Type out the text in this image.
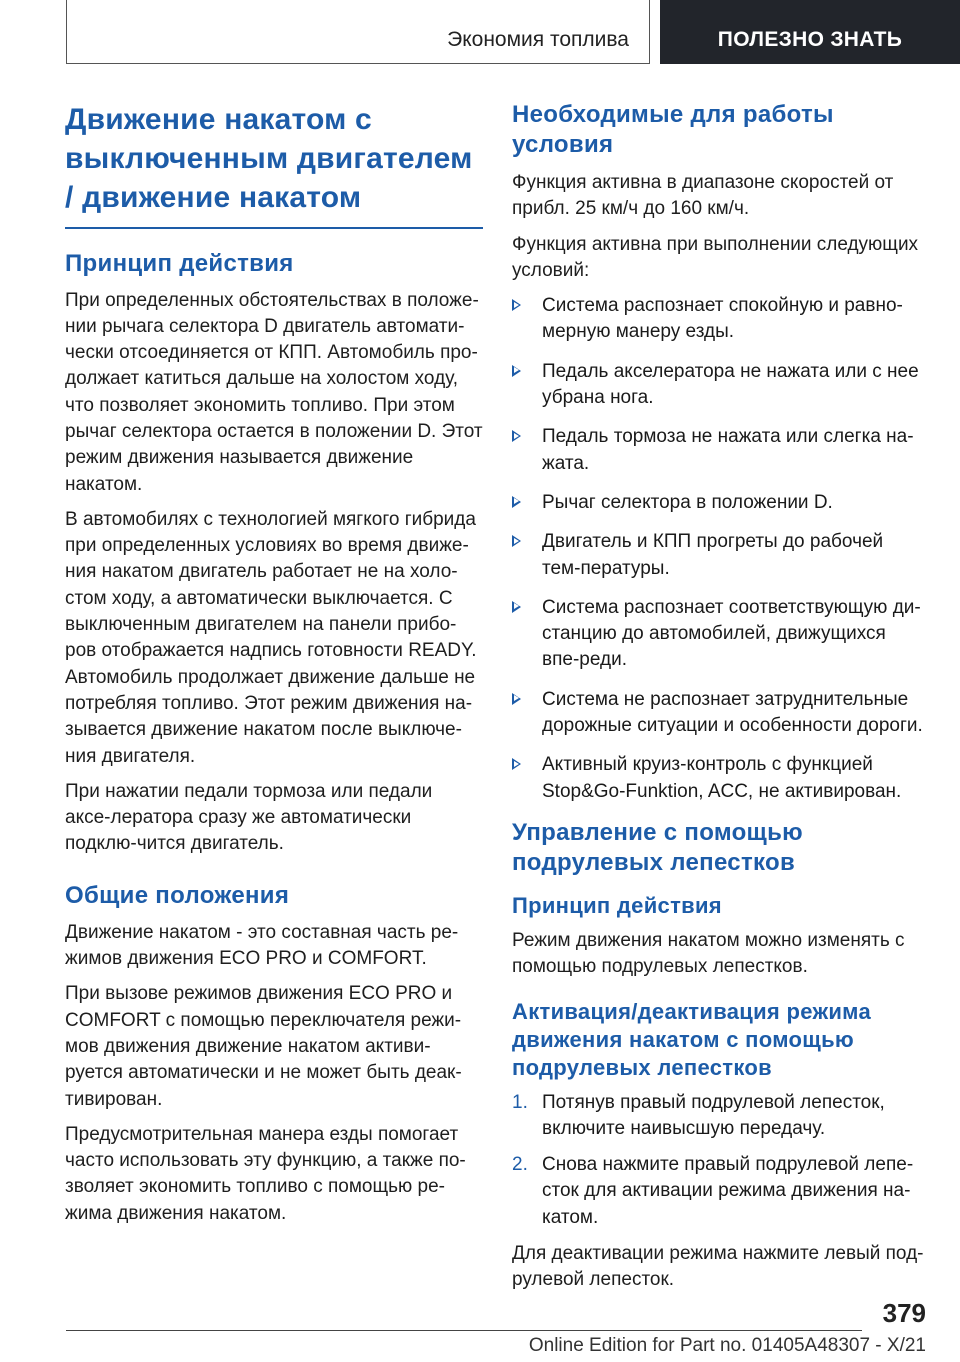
Экономия топлива	ПОЛЕЗНО ЗНАТЬ
Движение накатом с выключенным двигателем / движение накатом
Принцип действия

При определенных обстоятельствах в положе‐нии рычага селектора D двигатель автомати‐чески отсоединяется от КПП. Автомобиль про‐должает катиться дальше на холостом ходу, что позволяет экономить топливо. При этом рычаг селектора остается в положении D. Этот режим движения называется движение накатом.

В автомобилях с технологией мягкого гибрида при определенных условиях во время движе‐ния накатом двигатель работает не на холо‐стом ходу, а автоматически выключается. С выключенным двигателем на панели прибо‐ров отображается надпись готовности READY. Автомобиль продолжает движение дальше не потребляя топливо. Этот режим движения на‐зывается движение накатом после выключе‐ния двигателя.

При нажатии педали тормоза или педали аксе‐лератора сразу же автоматически подклю‐чится двигатель.

Общие положения

Движение накатом - это составная часть ре‐жимов движения ECO PRO и COMFORT.

При вызове режимов движения ECO PRO и COMFORT с помощью переключателя режи‐мов движения движение накатом активи‐руется автоматически и не может быть деак‐тивирован.

Предусмотрительная манера езды помогает часто использовать эту функцию, а также по‐зволяет экономить топливо с помощью ре‐жима движения накатом.

Необходимые для работы условия

Функция активна в диапазоне скоростей от прибл. 25 км/ч до 160 км/ч.

Функция активна при выполнении следующих условий:

Система распознает спокойную и равно‐мерную манеру езды.
Педаль акселератора не нажата или с нее убрана нога.
Педаль тормоза не нажата или слегка на‐жата.
Рычаг селектора в положении D.
Двигатель и КПП прогреты до рабочей тем‐пературы.
Система распознает соответствующую ди‐станцию до автомобилей, движущихся впе‐реди.
Система не распознает затруднительные дорожные ситуации и особенности дороги.
Активный круиз-контроль с функцией Stop&Go-Funktion, ACC, не активирован.
Управление с помощью подрулевых лепестков
Принцип действия

Режим движения накатом можно изменять с помощью подрулевых лепестков.

Активация/деактивация режима движения накатом с помощью подрулевых лепестков
1. Потянув правый подрулевой лепесток, включите наивысшую передачу.
2. Снова нажмите правый подрулевой лепе‐сток для активации режима движения на‐катом.

Для деактивации режима нажмите левый под‐рулевой лепесток.

379
Online Edition for Part no. 01405A48307 - X/21
